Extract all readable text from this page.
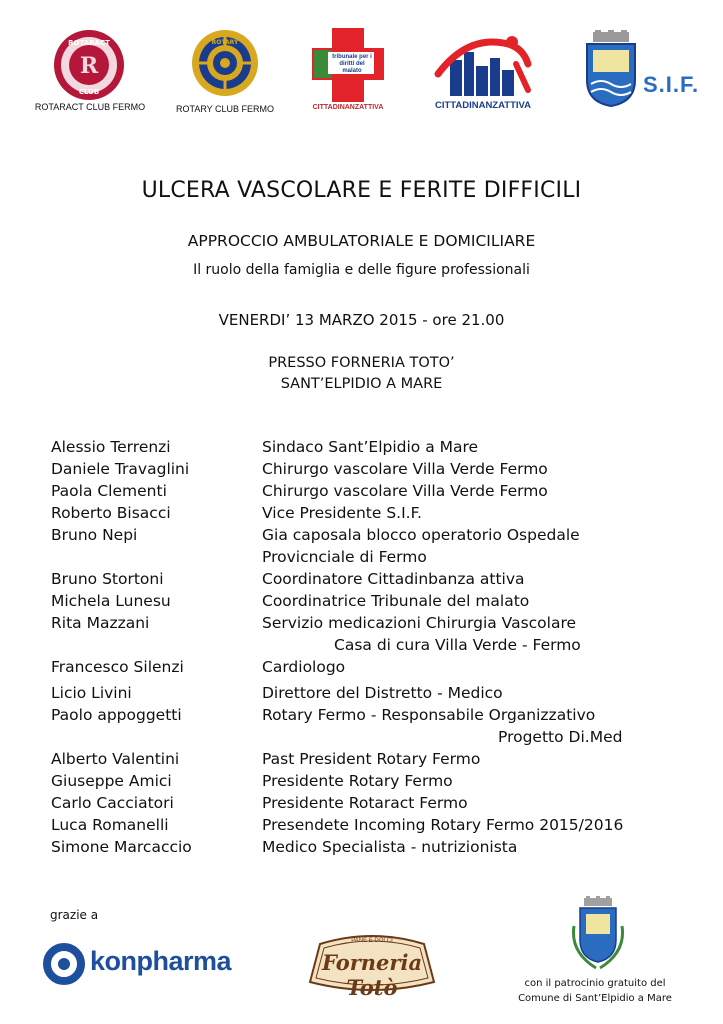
R
ROTARACT
CLUB
ROTARACT CLUB FERMO
ROTARY
ROTARY CLUB FERMO
tribunale per i diritti del malato
CITTADINANZATTIVA	CITTADINANZATTIVA
S.I.F.
ULCERA VASCOLARE E FERITE DIFFICILI
APPROCCIO AMBULATORIALE E DOMICILIARE
Il ruolo della famiglia e delle figure professionali
VENERDI’ 13 MARZO 2015 - ore 21.00
PRESSO FORNERIA TOTO’
SANT’ELPIDIO A MARE
Alessio Terrenzi	Sindaco Sant’Elpidio a Mare
Daniele Travaglini	Chirurgo vascolare Villa Verde Fermo
Paola Clementi	Chirurgo vascolare Villa Verde Fermo
Roberto Bisacci	Vice Presidente S.I.F.
Bruno Nepi	Gia caposala blocco operatorio Ospedale
Provicnciale di Fermo
Bruno Stortoni	Coordinatore Cittadinbanza attiva
Michela Lunesu	Coordinatrice Tribunale del malato
Rita Mazzani	Servizio medicazioni Chirurgia Vascolare
Casa di cura Villa Verde - Fermo
Francesco Silenzi	Cardiologo
Licio Livini	Direttore del Distretto - Medico
Paolo appoggetti	Rotary Fermo - Responsabile Organizzativo
Progetto Di.Med
Alberto Valentini	Past President Rotary Fermo
Giuseppe Amici	Presidente Rotary Fermo
Carlo Cacciatori	Presidente Rotaract Fermo
Luca Romanelli	Presendete Incoming Rotary Fermo 2015/2016
Simone Marcaccio	Medico Specialista - nutrizionista
grazie a
konpharma
PANE E DOLCI
Forneria Totò	con il patrocinio gratuito del
Comune di Sant’Elpidio a Mare
